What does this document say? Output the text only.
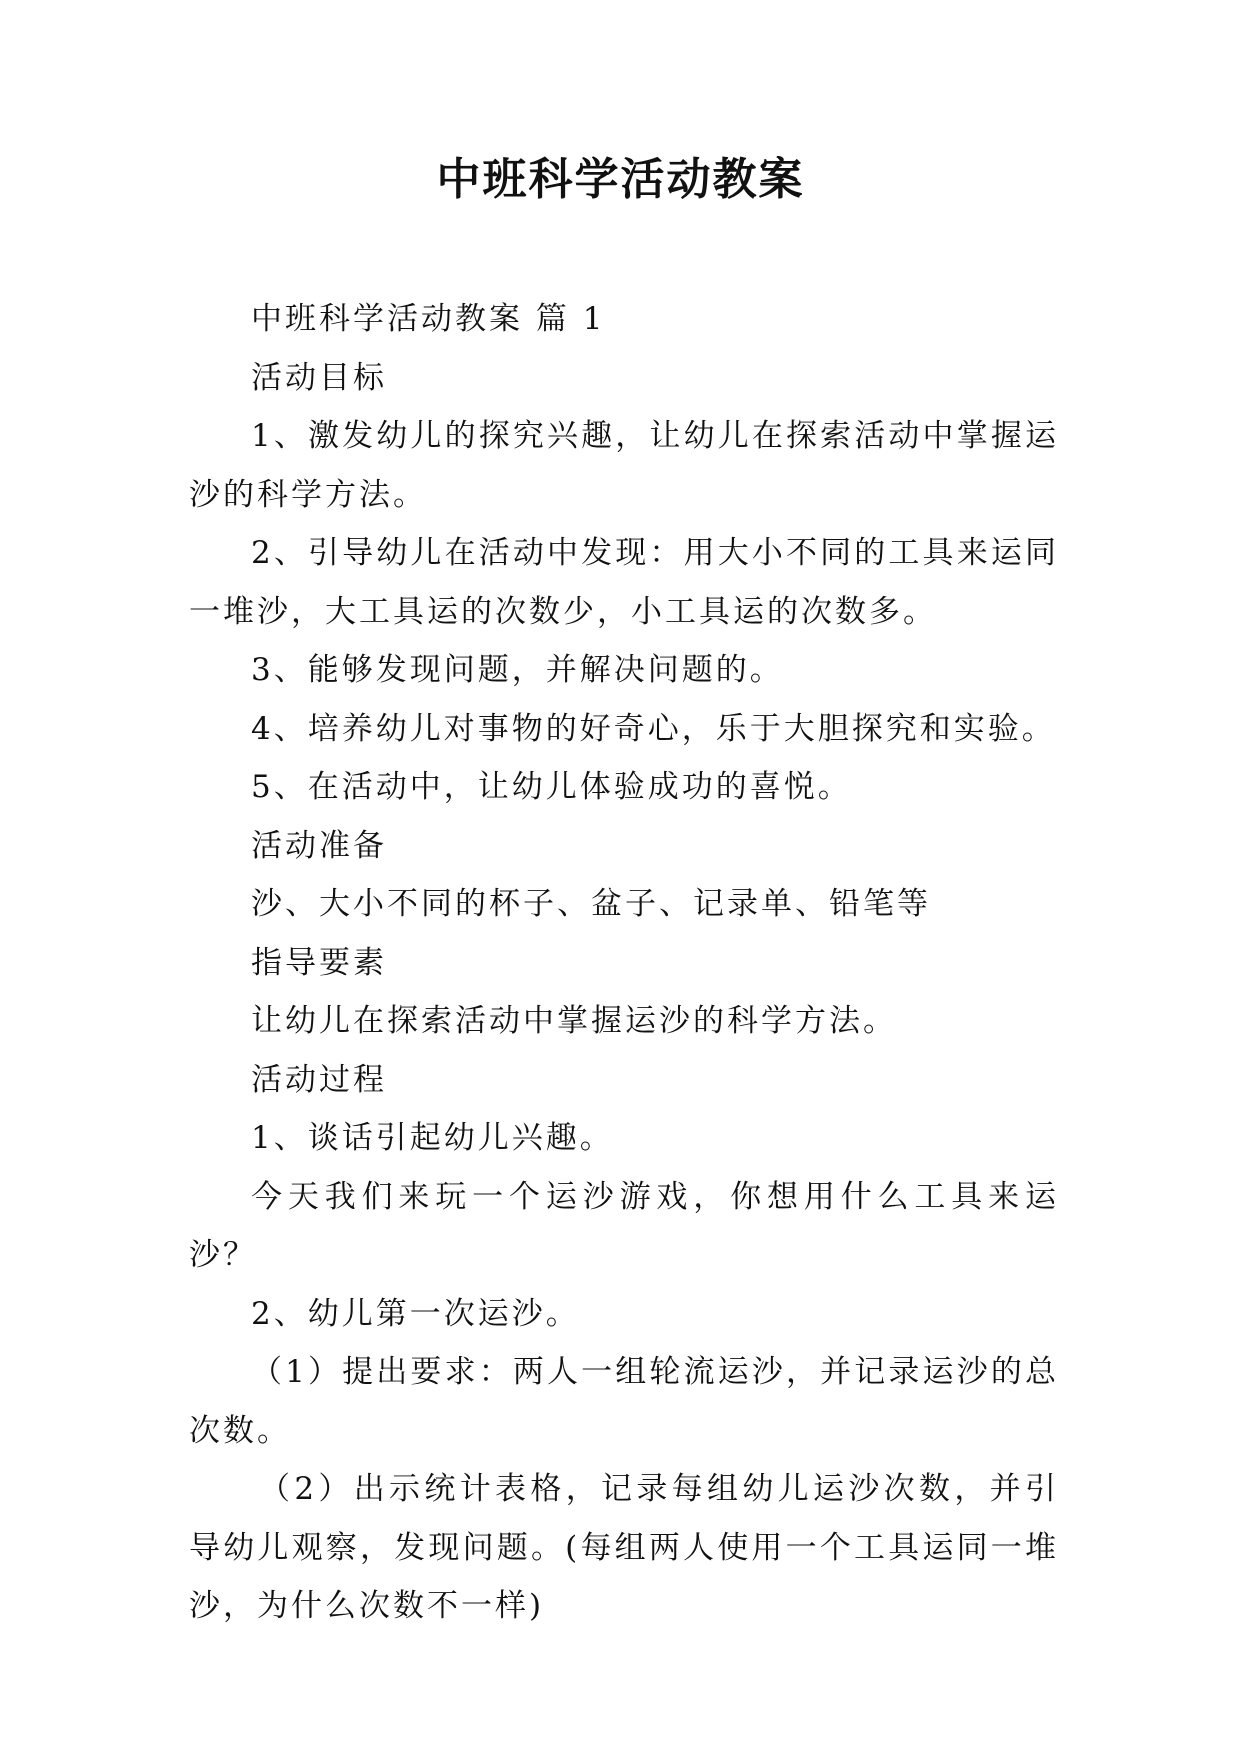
中班科学活动教案

中班科学活动教案 篇 1

活动目标

1、激发幼儿的探究兴趣，让幼儿在探索活动中掌握运沙的科学方法。

2、引导幼儿在活动中发现：用大小不同的工具来运同一堆沙，大工具运的次数少，小工具运的次数多。

3、能够发现问题，并解决问题的。

4、培养幼儿对事物的好奇心，乐于大胆探究和实验。

5、在活动中，让幼儿体验成功的喜悦。

活动准备

沙、大小不同的杯子、盆子、记录单、铅笔等

指导要素

让幼儿在探索活动中掌握运沙的科学方法。

活动过程

1、谈话引起幼儿兴趣。

今天我们来玩一个运沙游戏，你想用什么工具来运沙？

2、幼儿第一次运沙。

（1）提出要求：两人一组轮流运沙，并记录运沙的总次数。

（2）出示统计表格，记录每组幼儿运沙次数，并引导幼儿观察，发现问题。(每组两人使用一个工具运同一堆沙，为什么次数不一样)
